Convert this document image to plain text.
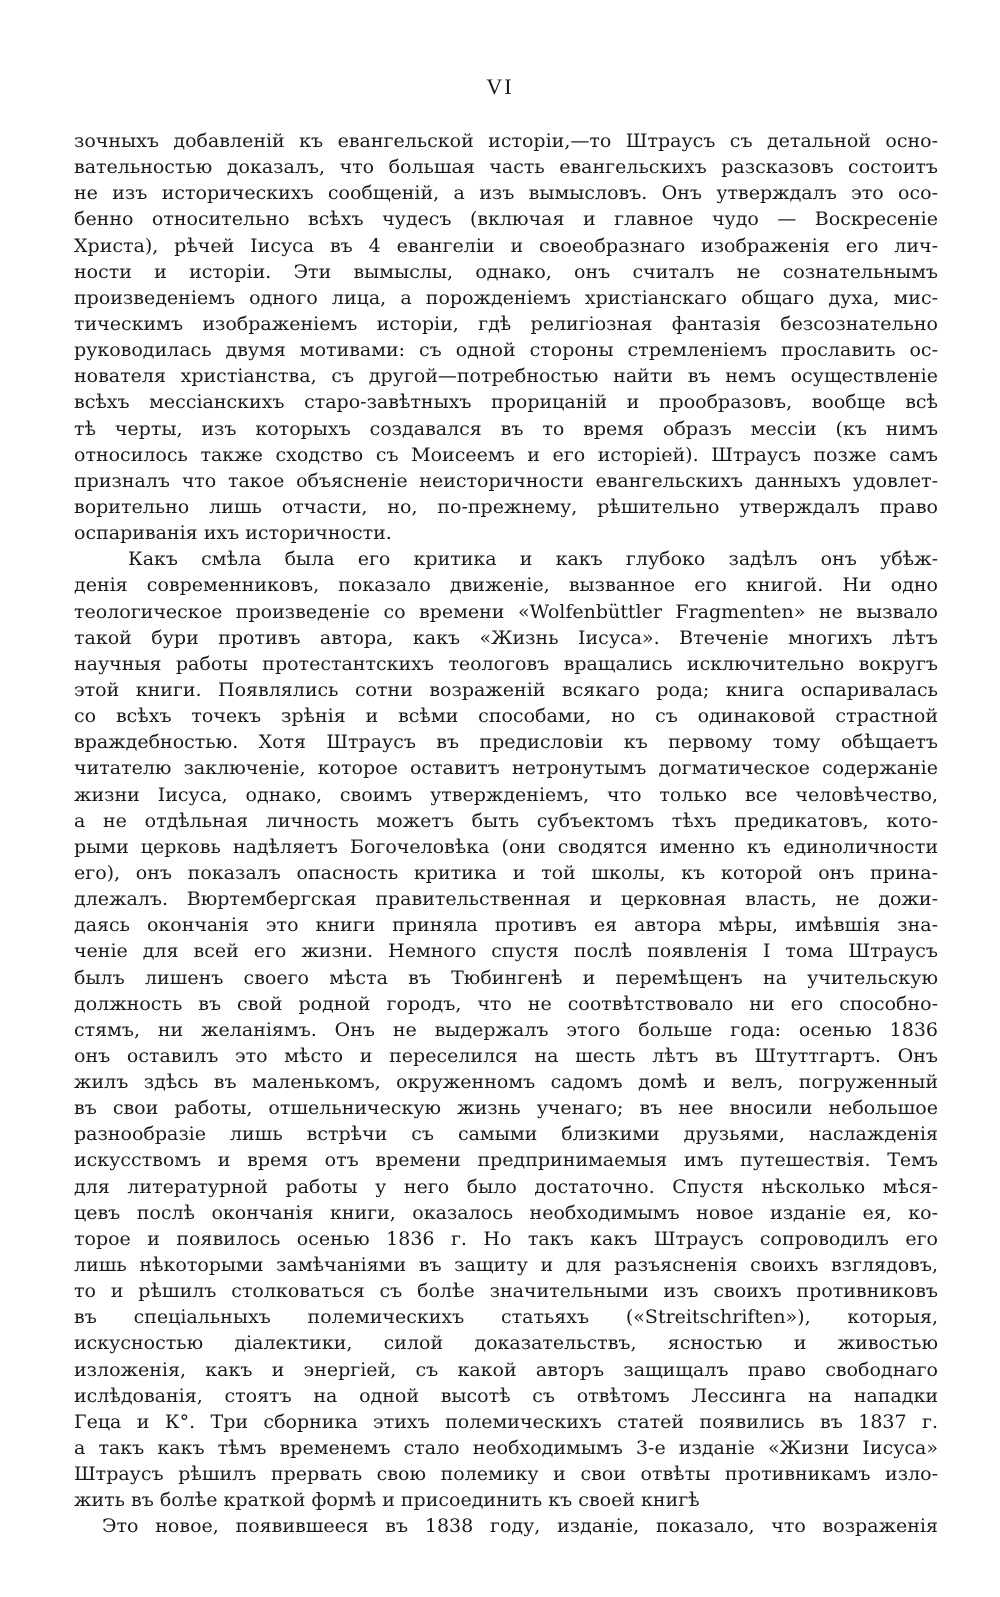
VI
зочныхъ добавленій къ евангельской исторіи,—то Штраусъ съ детальной осно-
вательностью доказалъ, что большая часть евангельскихъ разсказовъ состоитъ
не изъ историческихъ сообщеній, а изъ вымысловъ. Онъ утверждалъ это осо-
бенно относительно всѣхъ чудесъ (включая и главное чудо — Воскресеніе
Христа), рѣчей Іисуса въ 4 евангеліи и своеобразнаго изображенія его лич-
ности и исторіи. Эти вымыслы, однако, онъ считалъ не сознательнымъ
произведеніемъ одного лица, а порожденіемъ христіанскаго общаго духа, мис-
тическимъ изображеніемъ исторіи, гдѣ религіозная фантазія безсознательно
руководилась двумя мотивами: съ одной стороны стремленіемъ прославить ос-
нователя христіанства, съ другой—потребностью найти въ немъ осуществленіе
всѣхъ мессіанскихъ старо-завѣтныхъ прорицаній и прообразовъ, вообще всѣ
тѣ черты, изъ которыхъ создавался въ то время образъ мессіи (къ нимъ
относилось также сходство съ Моисеемъ и его исторіей). Штраусъ позже самъ
призналъ что такое объясненіе неисторичности евангельскихъ данныхъ удовлет-
ворительно лишь отчасти, но, по-прежнему, рѣшительно утверждалъ право
оспариванія ихъ историчности.
Какъ смѣла была его критика и какъ глубоко задѣлъ онъ убѣж-
денія современниковъ, показало движеніе, вызванное его книгой. Ни одно
теологическое произведеніе со времени «Wolfenbüttler Fragmenten» не вызвало
такой бури противъ автора, какъ «Жизнь Іисуса». Втеченіе многихъ лѣтъ
научныя работы протестантскихъ теологовъ вращались исключительно вокругъ
этой книги. Появлялись сотни возраженій всякаго рода; книга оспаривалась
со всѣхъ точекъ зрѣнія и всѣми способами, но съ одинаковой страстной
враждебностью. Хотя Штраусъ въ предисловіи къ первому тому обѣщаетъ
читателю заключеніе, которое оставитъ нетронутымъ догматическое содержаніе
жизни Іисуса, однако, своимъ утвержденіемъ, что только все человѣчество,
а не отдѣльная личность можетъ быть субъектомъ тѣхъ предикатовъ, кото-
рыми церковь надѣляетъ Богочеловѣка (они сводятся именно къ единоличности
его), онъ показалъ опасность критика и той школы, къ которой онъ прина-
длежалъ. Вюртембергская правительственная и церковная власть, не дожи-
даясь окончанія это книги приняла противъ ея автора мѣры, имѣвшія зна-
ченіе для всей его жизни. Немного спустя послѣ появленія I тома Штраусъ
былъ лишенъ своего мѣста въ Тюбингенѣ и перемѣщенъ на учительскую
должность въ свой родной городъ, что не соотвѣтствовало ни его способно-
стямъ, ни желаніямъ. Онъ не выдержалъ этого больше года: осенью 1836
онъ оставилъ это мѣсто и переселился на шесть лѣтъ въ Штуттгартъ. Онъ
жилъ здѣсь въ маленькомъ, окруженномъ садомъ домѣ и велъ, погруженный
въ свои работы, отшельническую жизнь ученаго; въ нее вносили небольшое
разнообразіе лишь встрѣчи съ самыми близкими друзьями, наслажденія
искусствомъ и время отъ времени предпринимаемыя имъ путешествія. Темъ
для литературной работы у него было достаточно. Спустя нѣсколько мѣся-
цевъ послѣ окончанія книги, оказалось необходимымъ новое изданіе ея, ко-
торое и появилось осенью 1836 г. Но такъ какъ Штраусъ сопроводилъ его
лишь нѣкоторыми замѣчаніями въ защиту и для разъясненія своихъ взглядовъ,
то и рѣшилъ столковаться съ болѣе значительными изъ своихъ противниковъ
въ спеціальныхъ полемическихъ статьяхъ («Streitschriften»), которыя,
искусностью діалектики, силой доказательствъ, ясностью и живостью
изложенія, какъ и энергіей, съ какой авторъ защищалъ право свободнаго
ислѣдованія, стоятъ на одной высотѣ съ отвѣтомъ Лессинга на нападки
Геца и К°. Три сборника этихъ полемическихъ статей появились въ 1837 г.
а такъ какъ тѣмъ временемъ стало необходимымъ 3-е изданіе «Жизни Іисуса»
Штраусъ рѣшилъ прервать свою полемику и свои отвѣты противникамъ изло-
жить въ болѣе краткой формѣ и присоединить къ своей книгѣ
Это новое, появившееся въ 1838 году, изданіе, показало, что возраженія
